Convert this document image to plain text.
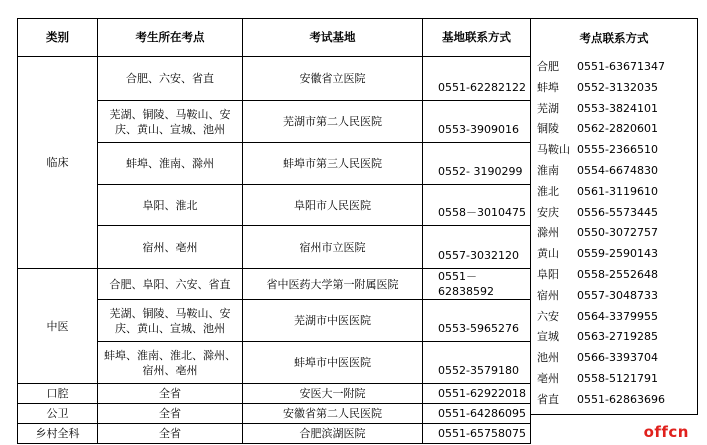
类别	考生所在考点	考试基地	基地联系方式
临床	合肥、六安、省直	安徽省立医院	0551-62282122
	芜湖、铜陵、马鞍山、安庆、黄山、宣城、池州	芜湖市第二人民医院	0553-3909016
	蚌埠、淮南、滁州	蚌埠市第三人民医院	0552- 3190299
	阜阳、淮北	阜阳市人民医院	0558－3010475
	宿州、亳州	宿州市立医院	0557-3032120
中医	合肥、阜阳、六安、省直	省中医药大学第一附属医院	0551－62838592
	芜湖、铜陵、马鞍山、安庆、黄山、宣城、池州	芜湖市中医医院	0553-5965276
	蚌埠、淮南、淮北、滁州、宿州、亳州	蚌埠市中医医院	0552-3579180
口腔	全省	安医大一附院	0551-62922018
公卫	全省	安徽省第二人民医院	0551-64286095
乡村全科	全省	合肥滨湖医院	0551-65758075
考点联系方式
合肥 0551-63671347
蚌埠 0552-3132035
芜湖 0553-3824101
铜陵 0562-2820601
马鞍山 0555-2366510
淮南 0554-6674830
淮北 0561-3119610
安庆 0556-5573445
滁州 0550-3072757
黄山 0559-2590143
阜阳 0558-2552648
宿州 0557-3048733
六安 0564-3379955
宣城 0563-2719285
池州 0566-3393704
亳州 0558-5121791
省直 0551-62863696
offcn
